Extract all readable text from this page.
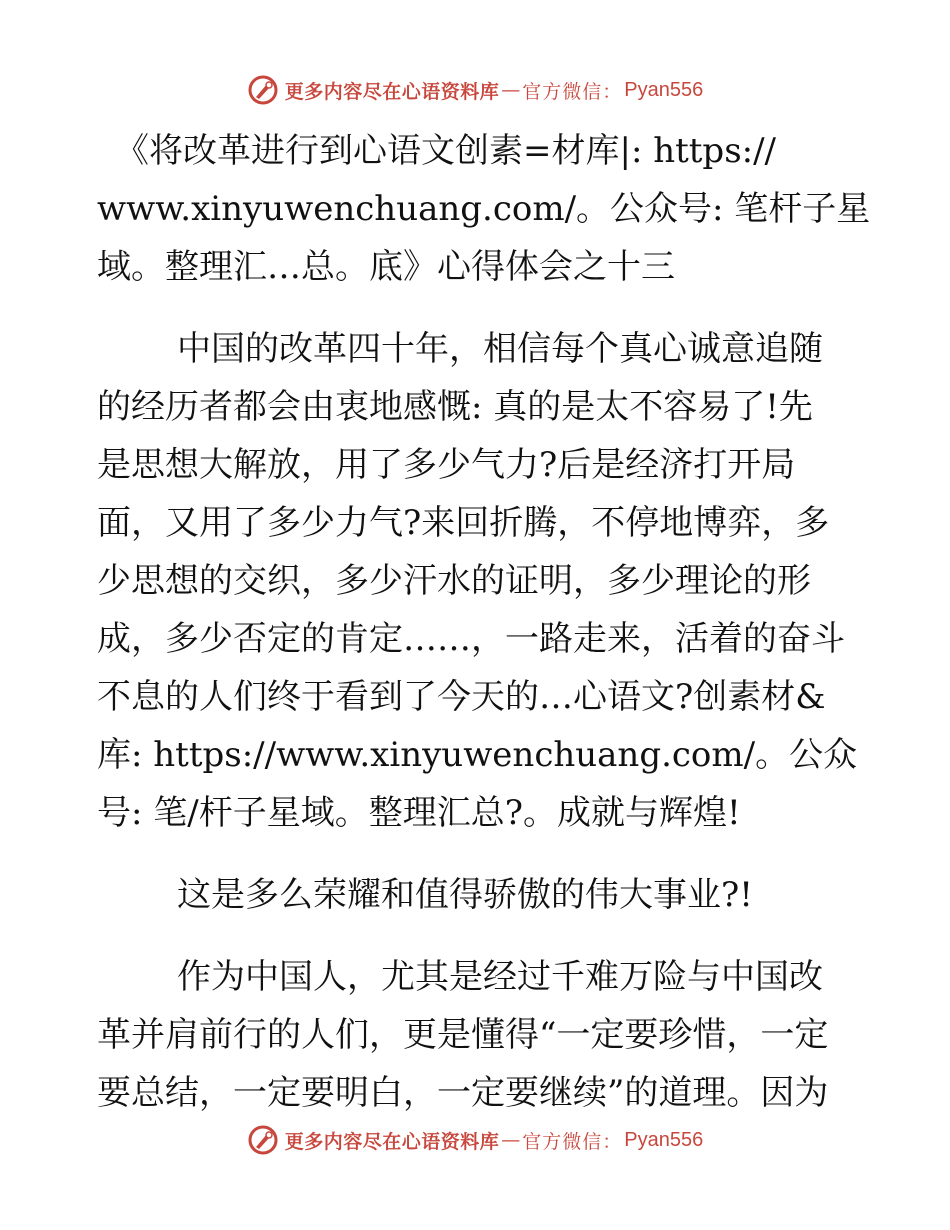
更多内容尽在心语资料库 — 官方微信： Pyan556
《将改革进行到心语文创素=材库|: https://
www.xinyuwenchuang.com/。公众号: 笔杆子星
域。整理汇…总。底》心得体会之十三
中国的改革四十年，相信每个真心诚意追随
的经历者都会由衷地感慨: 真的是太不容易了!先
是思想大解放，用了多少气力?后是经济打开局
面，又用了多少力气?来回折腾，不停地博弈，多
少思想的交织，多少汗水的证明，多少理论的形
成，多少否定的肯定……，一路走来，活着的奋斗
不息的人们终于看到了今天的…心语文?创素材&
库: https://www.xinyuwenchuang.com/。公众
号: 笔/杆子星域。整理汇总?。成就与辉煌!
这是多么荣耀和值得骄傲的伟大事业?!
作为中国人，尤其是经过千难万险与中国改
革并肩前行的人们，更是懂得“一定要珍惜，一定
要总结，一定要明白，一定要继续”的道理。因为
更多内容尽在心语资料库 — 官方微信： Pyan556
